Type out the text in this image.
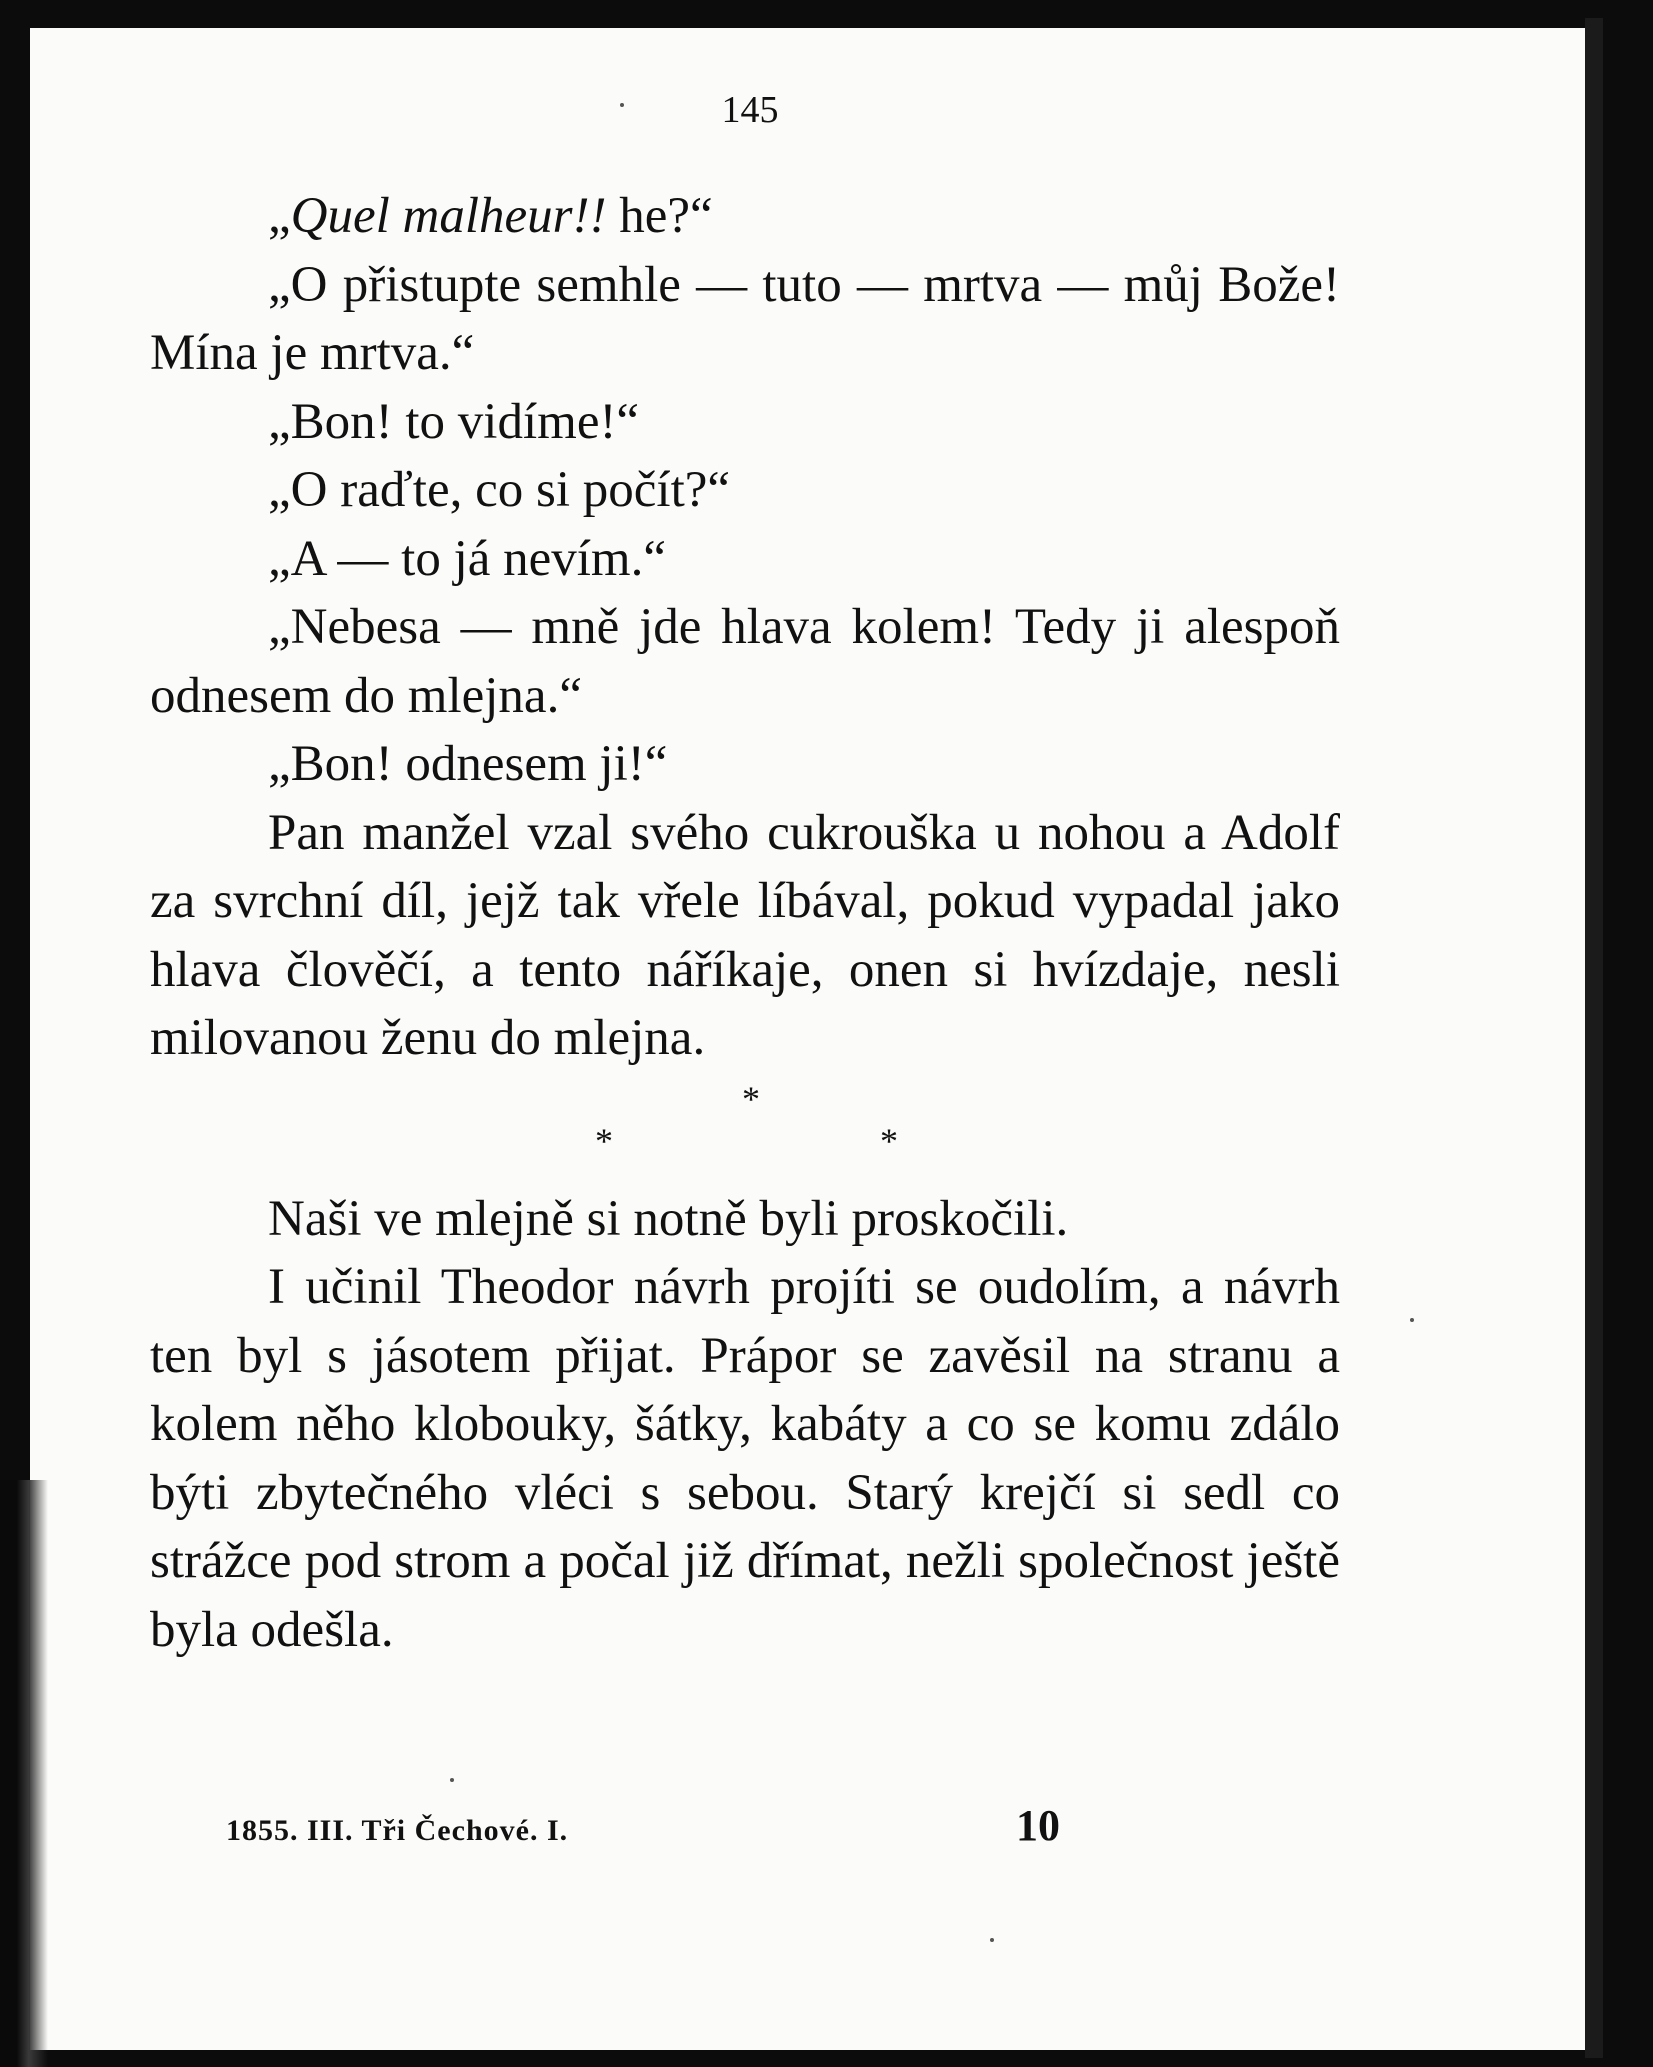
145

„Quel malheur!! he?“

„O přistupte semhle — tuto — mrtva — můj Bože! Mína je mrtva.“

„Bon! to vidíme!“

„O raďte, co si počít?“

„A — to já nevím.“

„Nebesa — mně jde hlava kolem! Tedy ji alespoň odnesem do mlejna.“

„Bon! odnesem ji!“

Pan manžel vzal svého cukrouška u nohou a Adolf za svrchní díl, jejž tak vřele líbával, pokud vypadal jako hlava člověčí, a tento náříkaje, onen si hvízdaje, nesli milovanou ženu do mlejna.

*
*	*

Naši ve mlejně si notně byli proskočili.

I učinil Theodor návrh projíti se oudolím, a návrh ten byl s jásotem přijat. Prápor se zavěsil na stranu a kolem něho klobouky, šátky, kabáty a co se komu zdálo býti zbytečného vléci s sebou. Starý krejčí si sedl co strážce pod strom a počal již dřímat, nežli společnost ještě byla odešla.

1855. III. Tři Čechové. I.	10
